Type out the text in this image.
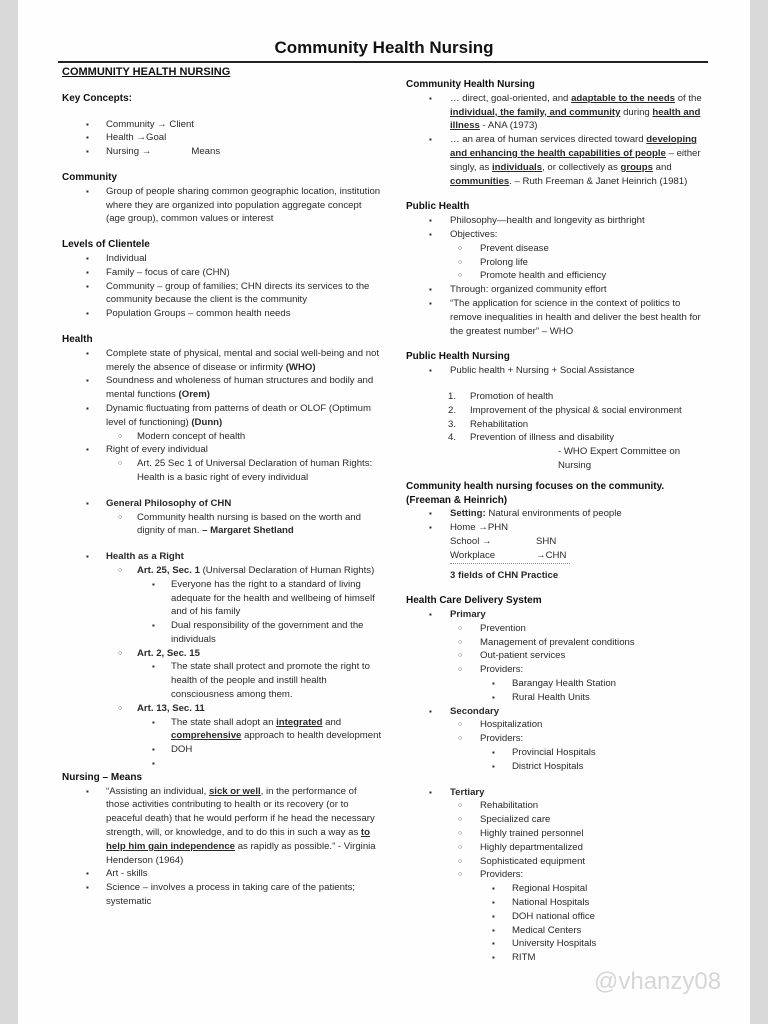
Community Health Nursing
COMMUNITY HEALTH NURSING
Key Concepts:
▪ Community → Client
▪ Health →Goal
▪ Nursing →	Means
Community
▪ Group of people sharing common geographic location, institution where they are organized into population aggregate concept (age group), common values or interest
Levels of Clientele
▪ Individual
▪ Family – focus of care (CHN)
▪ Community – group of families; CHN directs its services to the community because the client is the community
▪ Population Groups – common health needs
Health
▪ Complete state of physical, mental and social well-being and not merely the absence of disease or infirmity (WHO)
▪ Soundness and wholeness of human structures and bodily and mental functions (Orem)
▪ Dynamic fluctuating from patterns of death or OLOF (Optimum level of functioning) (Dunn)
○ Modern concept of health
▪ Right of every individual
○ Art. 25 Sec 1 of Universal Declaration of human Rights: Health is a basic right of every individual
▪ General Philosophy of CHN
○ Community health nursing is based on the worth and dignity of man. – Margaret Shetland
▪ Health as a Right
○ Art. 25, Sec. 1 (Universal Declaration of Human Rights)
▪ Everyone has the right to a standard of living adequate for the health and wellbeing of himself and of his family
▪ Dual responsibility of the government and the individuals
○ Art. 2, Sec. 15
▪ The state shall protect and promote the right to health of the people and instill health consciousness among them.
○ Art. 13, Sec. 11
▪ The state shall adopt an integrated and comprehensive approach to health development
▪ DOH
▪
Nursing – Means
▪ “Assisting an individual, sick or well, in the performance of those activities contributing to health or its recovery (or to peaceful death) that he would perform if he head the necessary strength, will, or knowledge, and to do this in such a way as to help him gain independence as rapidly as possible.” - Virginia Henderson (1964)
▪ Art - skills
▪ Science – involves a process in taking care of the patients; systematic
Community Health Nursing
▪ … direct, goal-oriented, and adaptable to the needs of the individual, the family, and community during health and illness - ANA (1973)
▪ … an area of human services directed toward developing and enhancing the health capabilities of people – either singly, as individuals, or collectively as groups and communities. – Ruth Freeman & Janet Heinrich (1981)
Public Health
▪ Philosophy—health and longevity as birthright
▪ Objectives:
○ Prevent disease
○ Prolong life
○ Promote health and efficiency
▪ Through: organized community effort
▪ “The application for science in the context of politics to remove inequalities in health and deliver the best health for the greatest number” – WHO
Public Health Nursing
▪ Public health + Nursing + Social Assistance
1. Promotion of health
2. Improvement of the physical & social environment
3. Rehabilitation
4. Prevention of illness and disability
- WHO Expert Committee on Nursing
Community health nursing focuses on the community. (Freeman & Heinrich)
▪ Setting: Natural environments of people
▪ Home →PHN
School →	SHN
Workplace	→CHN
3 fields of CHN Practice
Health Care Delivery System
▪ Primary
○ Prevention
○ Management of prevalent conditions
○ Out-patient services
○ Providers:
▪ Barangay Health Station
▪ Rural Health Units
▪ Secondary
○ Hospitalization
○ Providers:
▪ Provincial Hospitals
▪ District Hospitals
▪ Tertiary
○ Rehabilitation
○ Specialized care
○ Highly trained personnel
○ Highly departmentalized
○ Sophisticated equipment
○ Providers:
▪ Regional Hospital
▪ National Hospitals
▪ DOH national office
▪ Medical Centers
▪ University Hospitals
▪ RITM
@vhanzy08
